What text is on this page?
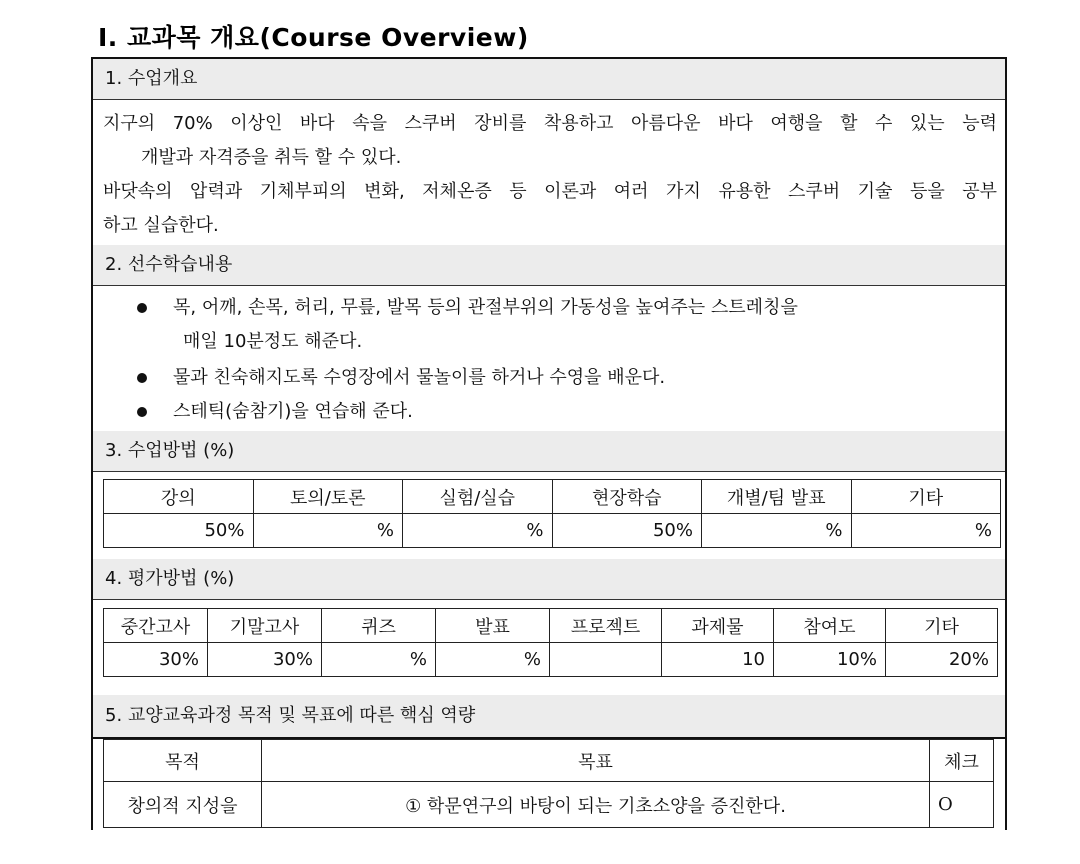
Ⅰ. 교과목 개요(Course Overview)
1. 수업개요
지구의 70% 이상인 바다 속을 스쿠버 장비를 착용하고 아름다운 바다 여행을 할 수 있는 능력
개발과 자격증을 취득 할 수 있다.
바닷속의 압력과 기체부피의 변화, 저체온증 등 이론과 여러 가지 유용한 스쿠버 기술 등을 공부
하고 실습한다.
2. 선수학습내용
목, 어깨, 손목, 허리, 무릎, 발목 등의 관절부위의 가동성을 높여주는 스트레칭을
매일 10분정도 해준다.
물과 친숙해지도록 수영장에서 물놀이를 하거나 수영을 배운다.
스테틱(숨참기)을 연습해 준다.
3. 수업방법 (%)
강의	토의/토론	실험/실습	현장학습	개별/팀 발표	기타
50%	%	%	50%	%	%
4. 평가방법 (%)
중간고사	기말고사	퀴즈	발표	프로젝트	과제물	참여도	기타
30%	30%	%	%		10	10%	20%
5. 교양교육과정 목적 및 목표에 따른 핵심 역량
목적	목표	체크
창의적 지성을	① 학문연구의 바탕이 되는 기초소양을 증진한다.	O
